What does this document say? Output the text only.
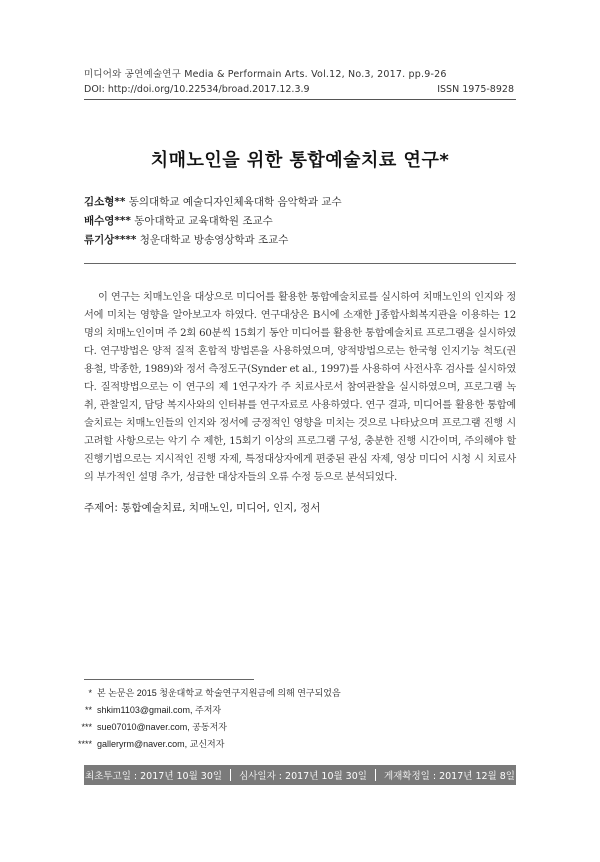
미디어와 공연예술연구 Media & Performain Arts. Vol.12, No.3, 2017. pp.9-26
DOI: http://doi.org/10.22534/broad.2017.12.3.9	ISSN 1975-8928
치매노인을 위한 통합예술치료 연구*
김소형** 동의대학교 예술디자인체육대학 음악학과 교수
배수영*** 동아대학교 교육대학원 조교수
류기상**** 청운대학교 방송영상학과 조교수

이 연구는 치매노인을 대상으로 미디어를 활용한 통합예술치료를 실시하여 치매노인의 인지와 정서에 미치는 영향을 알아보고자 하였다. 연구대상은 B시에 소재한 J종합사회복지관을 이용하는 12명의 치매노인이며 주 2회 60분씩 15회기 동안 미디어를 활용한 통합예술치료 프로그램을 실시하였다. 연구방법은 양적 질적 혼합적 방법론을 사용하였으며, 양적방법으로는 한국형 인지기능 척도(권용철, 박종한, 1989)와 정서 측정도구(Synder et al., 1997)를 사용하여 사전사후 검사를 실시하였다. 질적방법으로는 이 연구의 제 1연구자가 주 치료사로서 참여관찰을 실시하였으며, 프로그램 녹취, 관찰일지, 담당 복지사와의 인터뷰를 연구자료로 사용하였다. 연구 결과, 미디어를 활용한 통합예술치료는 치매노인들의 인지와 정서에 긍정적인 영향을 미치는 것으로 나타났으며 프로그램 진행 시 고려할 사항으로는 악기 수 제한, 15회기 이상의 프로그램 구성, 충분한 진행 시간이며, 주의해야 할 진행기법으로는 지시적인 진행 자제, 특정대상자에게 편중된 관심 자제, 영상 미디어 시청 시 치료사의 부가적인 설명 추가, 성급한 대상자들의 오류 수정 등으로 분석되었다.

주제어: 통합예술치료, 치매노인, 미디어, 인지, 정서
* 본 논문은 2015 청운대학교 학술연구지원금에 의해 연구되었음
** shkim1103@gmail.com, 주저자
*** sue07010@naver.com, 공동저자
**** galleryrm@naver.com, 교신저자
최초투고일 : 2017년 10월 30일 심사일자 : 2017년 10월 30일 게재확정일 : 2017년 12월 8일
